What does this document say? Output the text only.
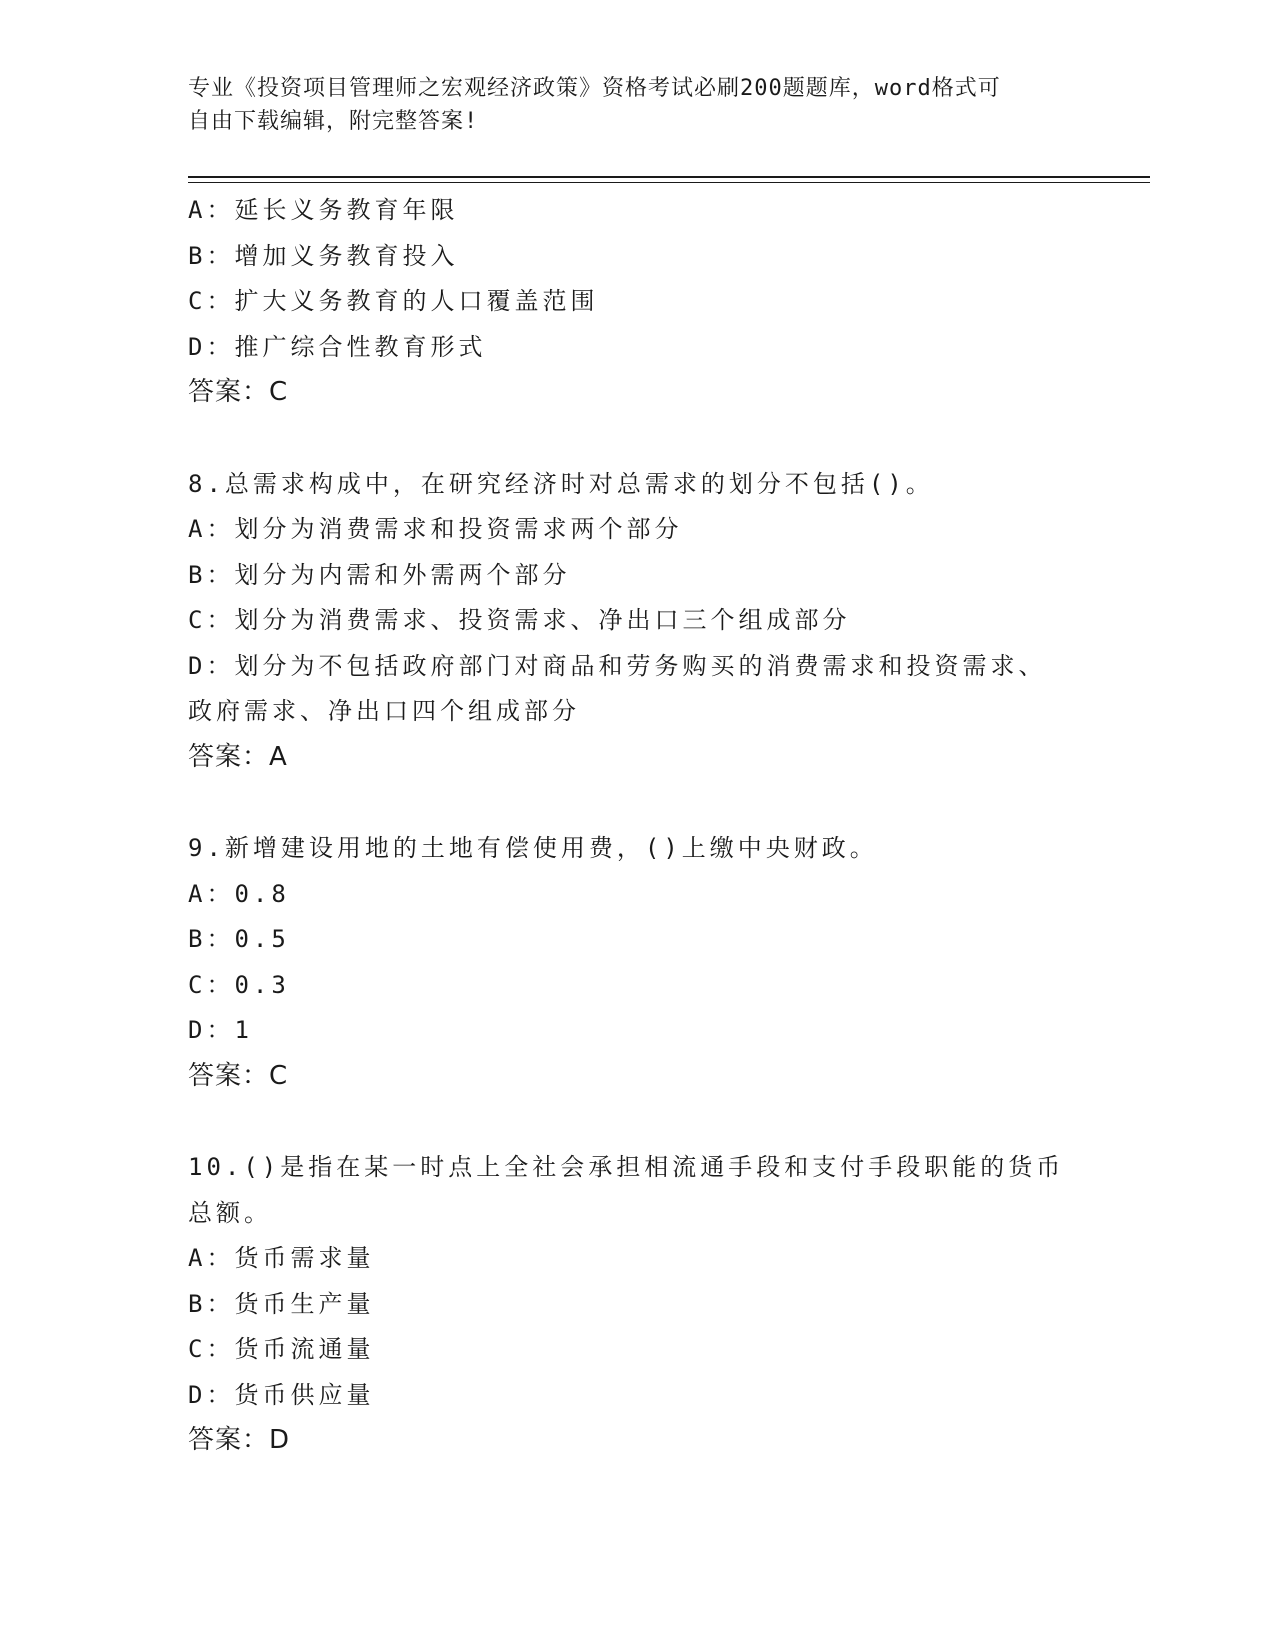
专业《投资项目管理师之宏观经济政策》资格考试必刷200题题库，word格式可
自由下载编辑，附完整答案!
A：延长义务教育年限
B：增加义务教育投入
C：扩大义务教育的人口覆盖范围
D：推广综合性教育形式
答案：C
8.总需求构成中，在研究经济时对总需求的划分不包括()。
A：划分为消费需求和投资需求两个部分
B：划分为内需和外需两个部分
C：划分为消费需求、投资需求、净出口三个组成部分
D：划分为不包括政府部门对商品和劳务购买的消费需求和投资需求、
政府需求、净出口四个组成部分
答案：A
9.新增建设用地的土地有偿使用费，()上缴中央财政。
A：0.8
B：0.5
C：0.3
D：1
答案：C
10.()是指在某一时点上全社会承担相流通手段和支付手段职能的货币
总额。
A：货币需求量
B：货币生产量
C：货币流通量
D：货币供应量
答案：D
